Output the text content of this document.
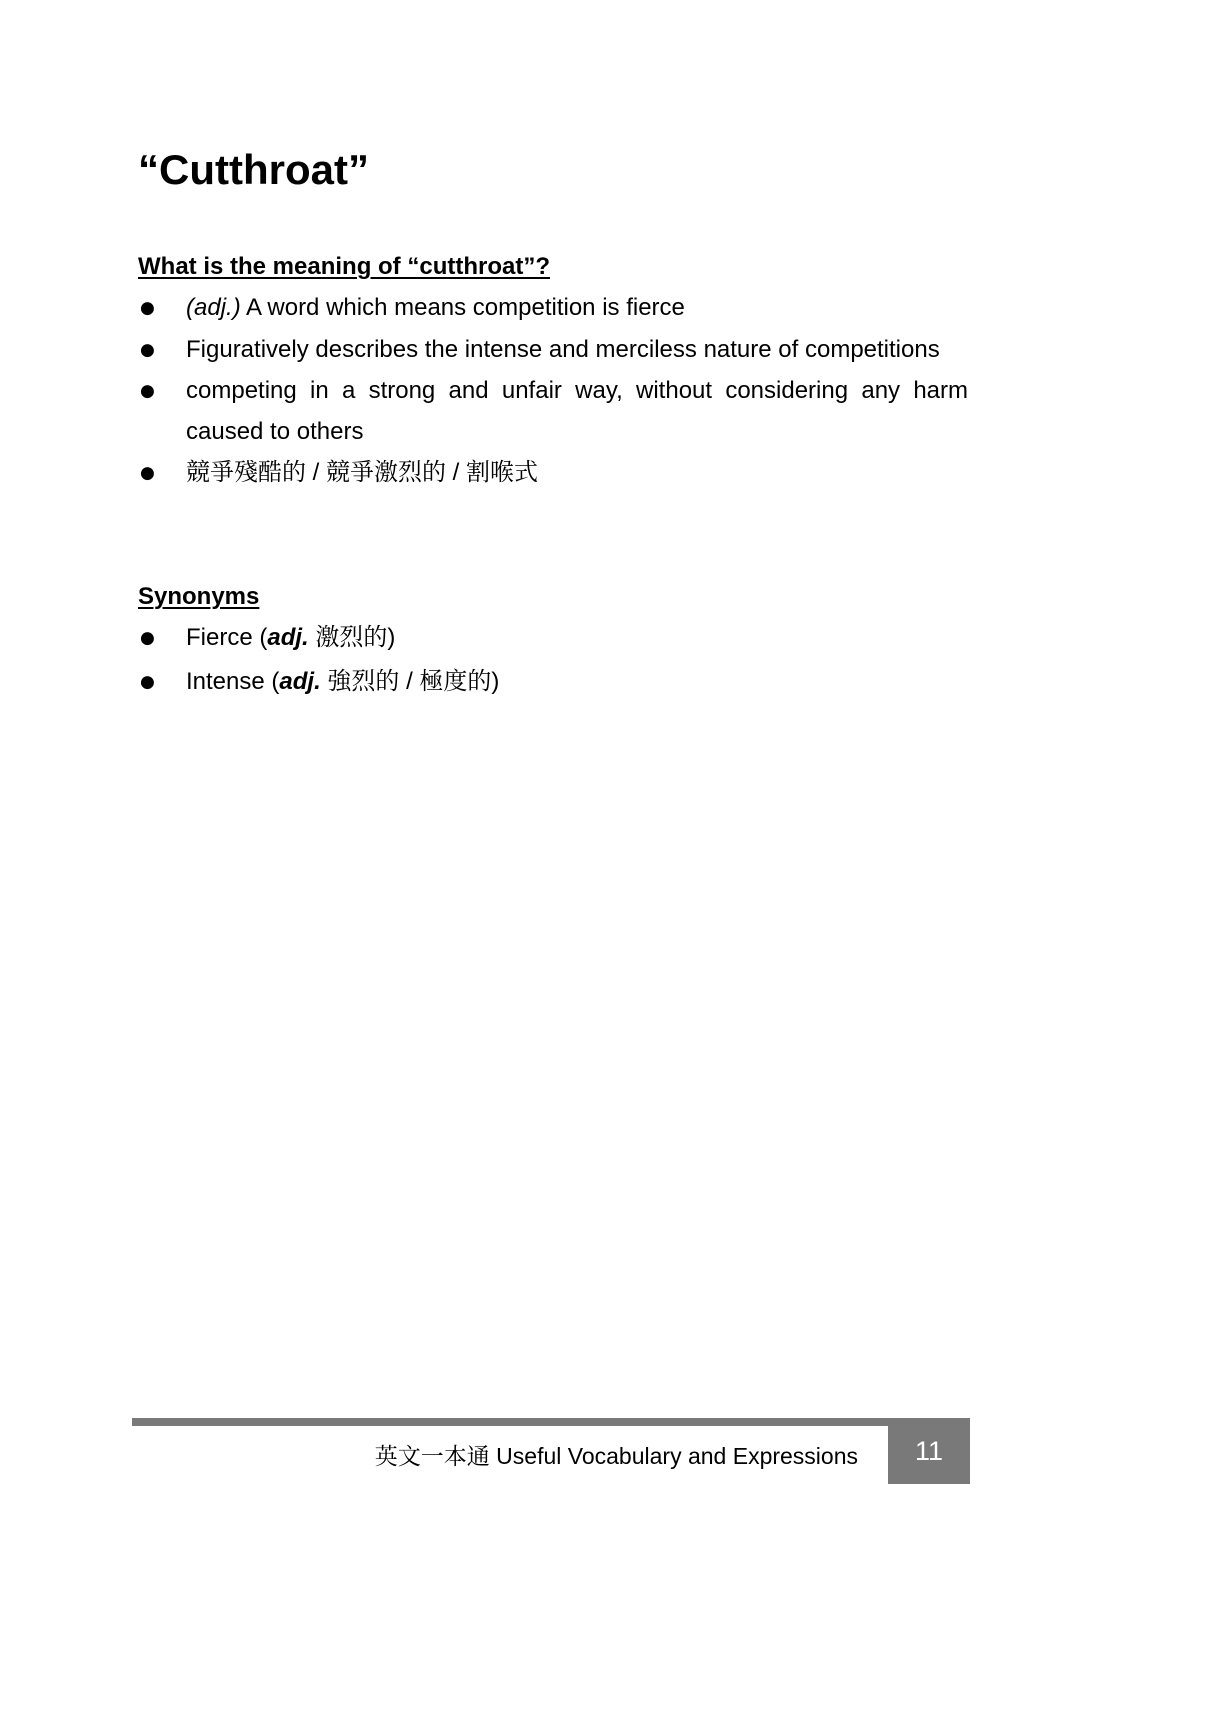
“Cutthroat”
What is the meaning of “cutthroat”?
●	(adj.) A word which means competition is fierce
●	Figuratively describes the intense and merciless nature of competitions
●	competing in a strong and unfair way, without considering any harm caused to others
●	競爭殘酷的 / 競爭激烈的 / 割喉式
Synonyms
●	Fierce (adj. 激烈的)
●	Intense (adj. 強烈的 / 極度的)
英文一本通 Useful Vocabulary and Expressions 11
